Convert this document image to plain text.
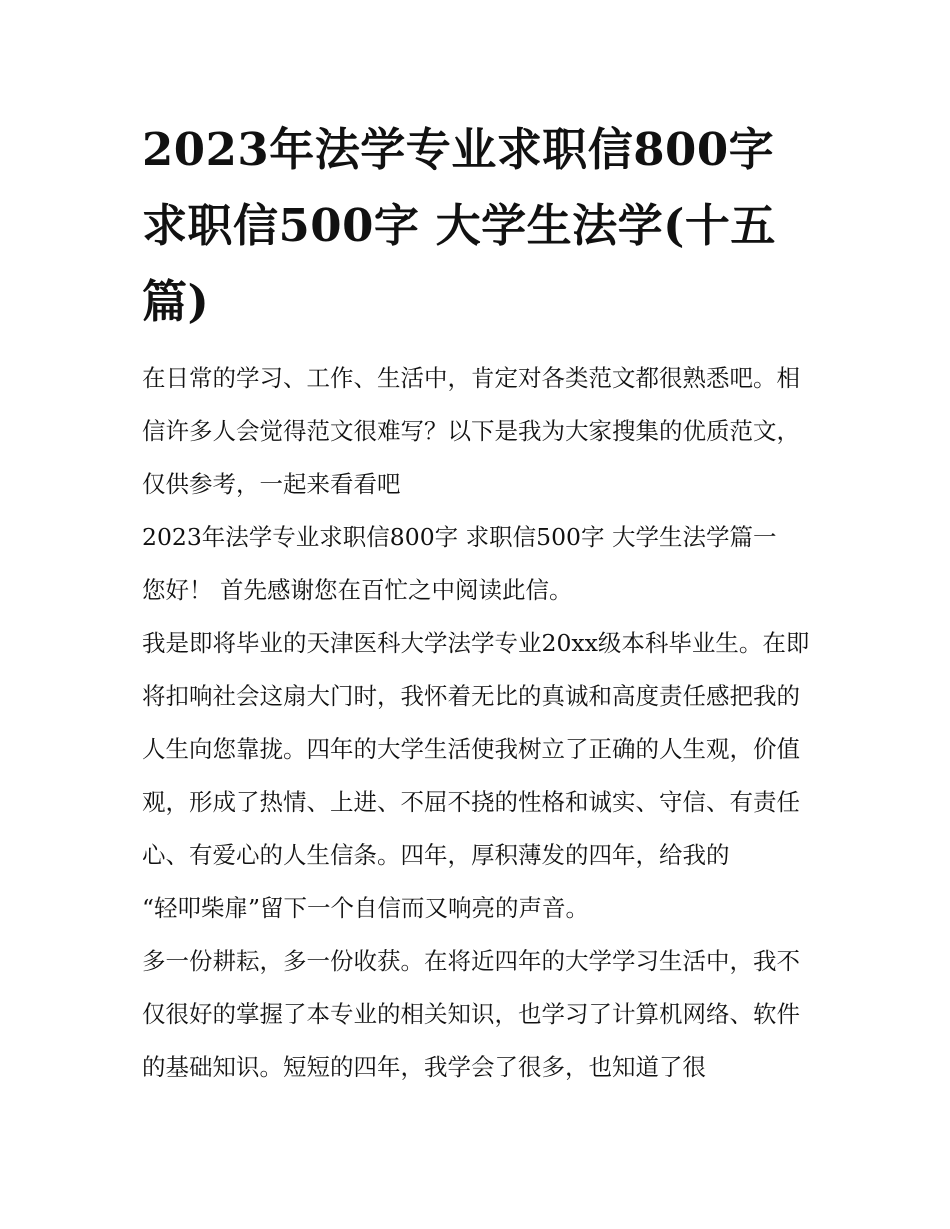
2023年法学专业求职信800字 求职信500字 大学生法学(十五篇)

在日常的学习、工作、生活中，肯定对各类范文都很熟悉吧。相信许多人会觉得范文很难写？以下是我为大家搜集的优质范文，仅供参考，一起来看看吧

2023年法学专业求职信800字 求职信500字 大学生法学篇一

您好！ 首先感谢您在百忙之中阅读此信。

我是即将毕业的天津医科大学法学专业20xx级本科毕业生。在即将扣响社会这扇大门时，我怀着无比的真诚和高度责任感把我的人生向您靠拢。四年的大学生活使我树立了正确的人生观，价值观，形成了热情、上进、不屈不挠的性格和诚实、守信、有责任心、有爱心的人生信条。四年，厚积薄发的四年，给我的

“轻叩柴扉”留下一个自信而又响亮的声音。

多一份耕耘，多一份收获。在将近四年的大学学习生活中，我不仅很好的掌握了本专业的相关知识，也学习了计算机网络、软件的基础知识。短短的四年，我学会了很多，也知道了很
